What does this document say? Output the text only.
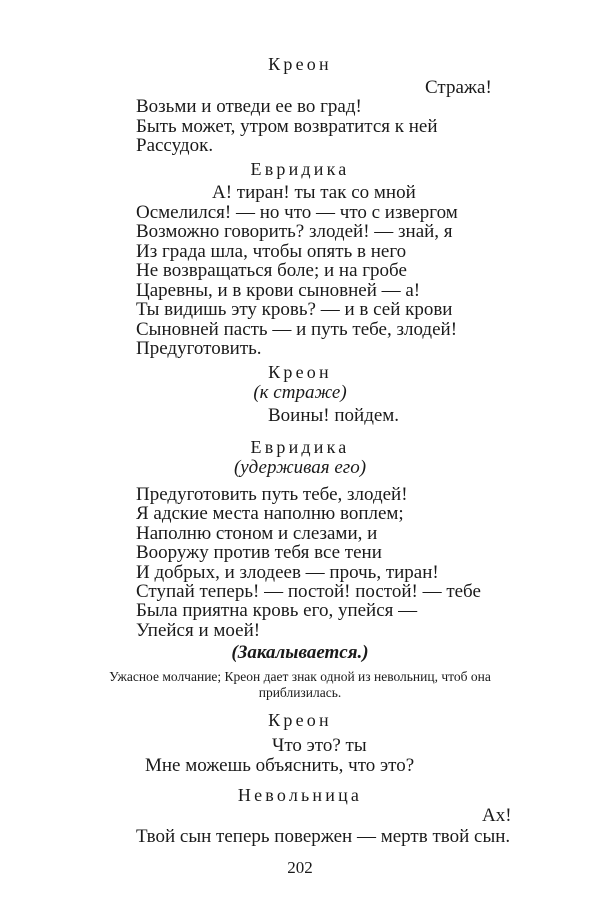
Креон
Стража!
Возьми и отведи ее во град!
Быть может, утром возвратится к ней
Рассудок.
Евридика
А! тиран! ты так со мной
Осмелился! — но что — что с извергом
Возможно говорить? злодей! — знай, я
Из града шла, чтобы опять в него
Не возвращаться боле; и на гробе
Царевны, и в крови сыновней — а!
Ты видишь эту кровь? — и в сей крови
Сыновней пасть — и путь тебе, злодей!
Предуготовить.
Креон
(к страже)
Воины! пойдем.
Евридика
(удерживая его)
Предуготовить путь тебе, злодей!
Я адские места наполню воплем;
Наполню стоном и слезами, и
Вооружу против тебя все тени
И добрых, и злодеев — прочь, тиран!
Ступай теперь! — постой! постой! — тебе
Была приятна кровь его, упейся —
Упейся и моей!
(Закалывается.)
Ужасное молчание; Креон дает знак одной из невольниц, чтоб она
приблизилась.
Креон
Что это? ты
Мне можешь объяснить, что это?
Невольница
Ах!
Твой сын теперь повержен — мертв твой сын.
202
